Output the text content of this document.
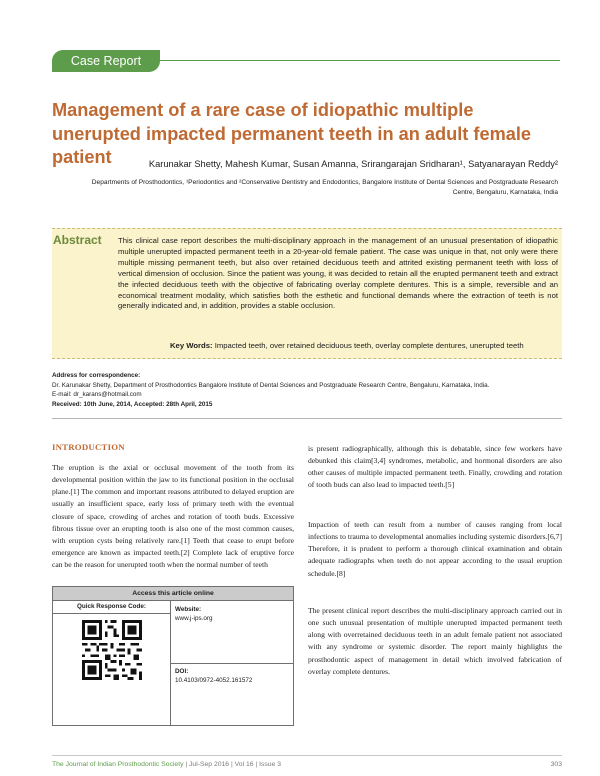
Case Report
Management of a rare case of idiopathic multiple unerupted impacted permanent teeth in an adult female patient	Karunakar Shetty, Mahesh Kumar, Susan Amanna, Srirangarajan Sridharan¹, Satyanarayan Reddy²
Departments of Prosthodontics, ¹Periodontics and ²Conservative Dentistry and Endodontics, Bangalore Institute of Dental Sciences and Postgraduate Research Centre, Bengaluru, Karnataka, India
Abstract This clinical case report describes the multi-disciplinary approach in the management of an unusual presentation of idiopathic multiple unerupted impacted permanent teeth in a 20-year-old female patient. The case was unique in that, not only were there multiple missing permanent teeth, but also over retained deciduous teeth and attrited existing permanent teeth with loss of vertical dimension of occlusion. Since the patient was young, it was decided to retain all the erupted permanent teeth and extract the infected deciduous teeth with the objective of fabricating overlay complete dentures. This is a simple, reversible and an economical treatment modality, which satisfies both the esthetic and functional demands where the extraction of teeth is not generally indicated and, in addition, provides a stable occlusion.
Key Words: Impacted teeth, over retained deciduous teeth, overlay complete dentures, unerupted teeth
Address for correspondence:
Dr. Karunakar Shetty, Department of Prosthodontics Bangalore Institute of Dental Sciences and Postgraduate Research Centre, Bengaluru, Karnataka, India.
E-mail: dr_karans@hotmail.com
Received: 10th June, 2014, Accepted: 28th April, 2015
INTRODUCTION
The eruption is the axial or occlusal movement of the tooth from its developmental position within the jaw to its functional position in the occlusal plane.[1] The common and important reasons attributed to delayed eruption are usually an insufficient space, early loss of primary teeth with the eventual closure of space, crowding of arches and rotation of tooth buds. Excessive fibrous tissue over an erupting tooth is also one of the most common causes, with eruption cysts being relatively rare.[1] Teeth that cease to erupt before emergence are known as impacted teeth.[2] Complete lack of eruptive force can be the reason for unerupted tooth when the normal number of teeth
is present radiographically, although this is debatable, since few workers have debunked this claim[3,4] syndromes, metabolic, and hormonal disorders are also other causes of multiple impacted permanent teeth. Finally, crowding and rotation of tooth buds can also lead to impacted teeth.[5]
Impaction of teeth can result from a number of causes ranging from local infections to trauma to developmental anomalies including systemic disorders.[6,7] Therefore, it is prudent to perform a thorough clinical examination and obtain adequate radiographs when teeth do not appear according to the usual eruption schedule.[8]
The present clinical report describes the multi-disciplinary approach carried out in one such unusual presentation of multiple unerupted impacted permanent teeth along with overretained deciduous teeth in an adult female patient not associated with any syndrome or systemic disorder. The report mainly highlights the prosthodontic aspect of management in detail which involved fabrication of overlay complete dentures.
Access this article online
Quick Response Code:	Website:
www.j-ips.org
DOI:
10.4103/0972-4052.161572
The Journal of Indian Prosthodontic Society | Jul-Sep 2016 | Vol 16 | Issue 3	303
